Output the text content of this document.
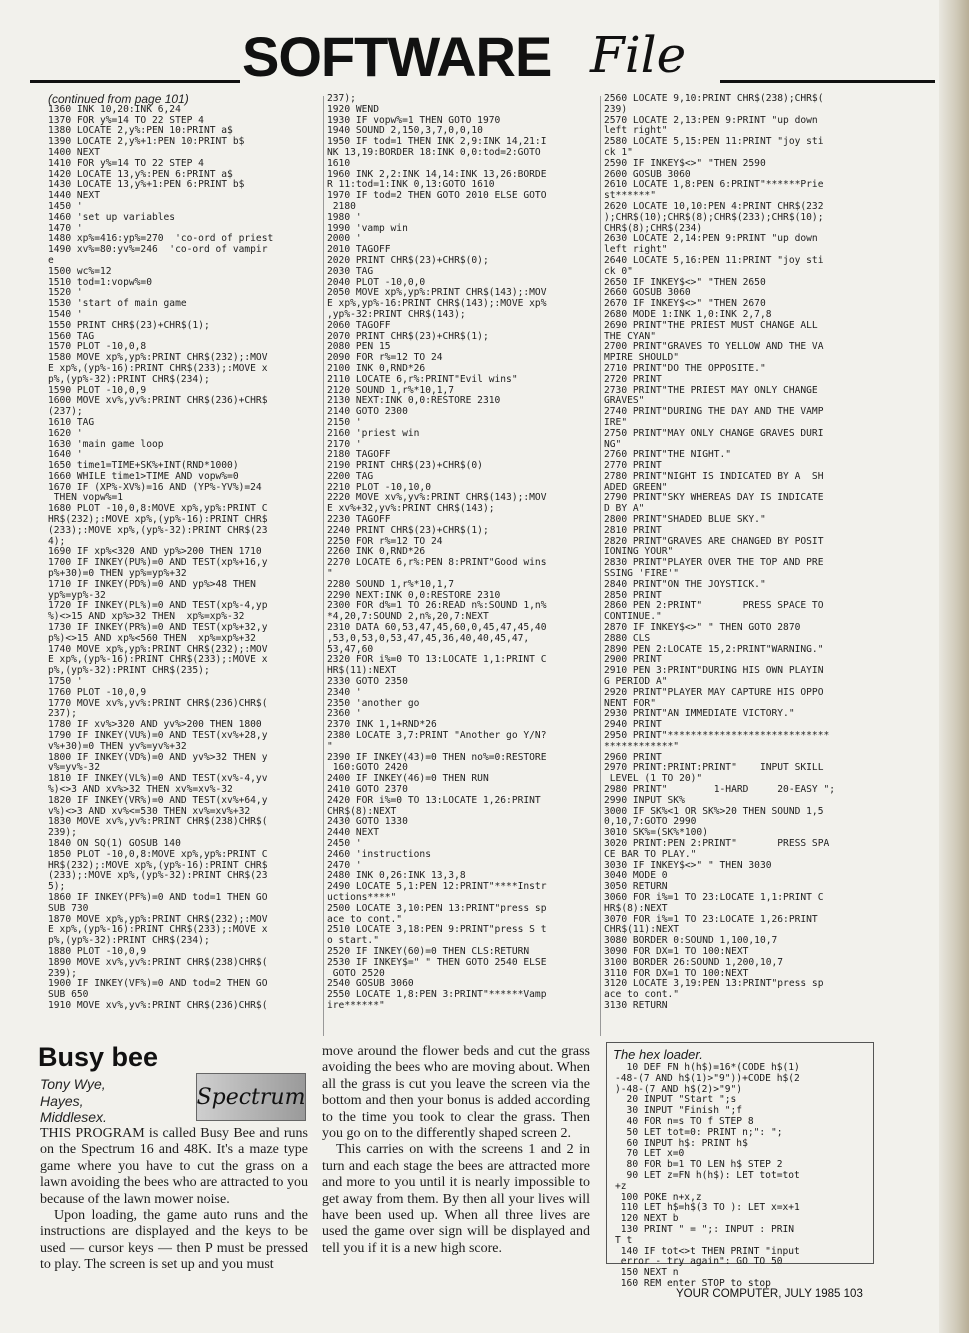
SOFTWARE File
(continued from page 101)
1360 INK 10,20:INK 6,24
1370 FOR y%=14 TO 22 STEP 4
1380 LOCATE 2,y%:PEN 10:PRINT a$
1390 LOCATE 2,y%+1:PEN 10:PRINT b$
1400 NEXT
1410 FOR y%=14 TO 22 STEP 4
1420 LOCATE 13,y%:PEN 6:PRINT a$
1430 LOCATE 13,y%+1:PEN 6:PRINT b$
1440 NEXT
1450 '
1460 'set up variables
1470 '
1480 xp%=416:yp%=270  'co-ord of priest
1490 xv%=80:yv%=246  'co-ord of vampir
e
1500 wc%=12
1510 tod=1:vopw%=0
1520 '
1530 'start of main game
1540 '
1550 PRINT CHR$(23)+CHR$(1);
1560 TAG
1570 PLOT -10,0,8
1580 MOVE xp%,yp%:PRINT CHR$(232);:MOV
E xp%,(yp%-16):PRINT CHR$(233);:MOVE x
p%,(yp%-32):PRINT CHR$(234);
1590 PLOT -10,0,9
1600 MOVE xv%,yv%:PRINT CHR$(236)+CHR$
(237);
1610 TAG
1620 '
1630 'main game loop
1640 '
1650 time1=TIME+SK%+INT(RND*1000)
1660 WHILE time1>TIME AND vopw%=0
1670 IF (XP%-XV%)=16 AND (YP%-YV%)=24
THEN vopw%=1
1680 PLOT -10,0,8:MOVE xp%,yp%:PRINT C
HR$(232);:MOVE xp%,(yp%-16):PRINT CHR$
(233);:MOVE xp%,(yp%-32):PRINT CHR$(23
4);
1690 IF xp%<320 AND yp%>200 THEN 1710
1700 IF INKEY(PU%)=0 AND TEST(xp%+16,y
p%+30)=0 THEN yp%=yp%+32
1710 IF INKEY(PD%)=0 AND yp%>48 THEN
yp%=yp%-32
1720 IF INKEY(PL%)=0 AND TEST(xp%-4,yp
%)<>15 AND xp%>32 THEN  xp%=xp%-32
1730 IF INKEY(PR%)=0 AND TEST(xp%+32,y
p%)<>15 AND xp%<560 THEN  xp%=xp%+32
1740 MOVE xp%,yp%:PRINT CHR$(232);:MOV
E xp%,(yp%-16):PRINT CHR$(233);:MOVE x
p%,(yp%-32):PRINT CHR$(235);
1750 '
1760 PLOT -10,0,9
1770 MOVE xv%,yv%:PRINT CHR$(236)CHR$(
237);
1780 IF xv%>320 AND yv%>200 THEN 1800
1790 IF INKEY(VU%)=0 AND TEST(xv%+28,y
v%+30)=0 THEN yv%=yv%+32
1800 IF INKEY(VD%)=0 AND yv%>32 THEN y
v%=yv%-32
1810 IF INKEY(VL%)=0 AND TEST(xv%-4,yv
%)<>3 AND xv%>32 THEN xv%=xv%-32
1820 IF INKEY(VR%)=0 AND TEST(xv%+64,y
v%)<>3 AND xv%<=530 THEN xv%=xv%+32
1830 MOVE xv%,yv%:PRINT CHR$(238)CHR$(
239);
1840 ON SQ(1) GOSUB 140
1850 PLOT -10,0,8:MOVE xp%,yp%:PRINT C
HR$(232);:MOVE xp%,(yp%-16):PRINT CHR$
(233);:MOVE xp%,(yp%-32):PRINT CHR$(23
5);
1860 IF INKEY(PF%)=0 AND tod=1 THEN GO
SUB 730
1870 MOVE xp%,yp%:PRINT CHR$(232);:MOV
E xp%,(yp%-16):PRINT CHR$(233);:MOVE x
p%,(yp%-32):PRINT CHR$(234);
1880 PLOT -10,0,9
1890 MOVE xv%,yv%:PRINT CHR$(238)CHR$(
239);
1900 IF INKEY(VF%)=0 AND tod=2 THEN GO
SUB 650
1910 MOVE xv%,yv%:PRINT CHR$(236)CHR$(
237);
1920 WEND
1930 IF vopw%=1 THEN GOTO 1970
1940 SOUND 2,150,3,7,0,0,10
1950 IF tod=1 THEN INK 2,9:INK 14,21:I
NK 13,19:BORDER 18:INK 0,0:tod=2:GOTO
1610
1960 INK 2,2:INK 14,14:INK 13,26:BORDE
R 11:tod=1:INK 0,13:GOTO 1610
1970 IF tod=2 THEN GOTO 2010 ELSE GOTO
2180
1980 '
1990 'vamp win
2000 '
2010 TAGOFF
2020 PRINT CHR$(23)+CHR$(0);
2030 TAG
2040 PLOT -10,0,0
2050 MOVE xp%,yp%:PRINT CHR$(143);:MOV
E xp%,yp%-16:PRINT CHR$(143);:MOVE xp%
,yp%-32:PRINT CHR$(143);
2060 TAGOFF
2070 PRINT CHR$(23)+CHR$(1);
2080 PEN 15
2090 FOR r%=12 TO 24
2100 INK 0,RND*26
2110 LOCATE 6,r%:PRINT"Evil wins"
2120 SOUND 1,r%*10,1,7
2130 NEXT:INK 0,0:RESTORE 2310
2140 GOTO 2300
2150 '
2160 'priest win
2170 '
2180 TAGOFF
2190 PRINT CHR$(23)+CHR$(0)
2200 TAG
2210 PLOT -10,10,0
2220 MOVE xv%,yv%:PRINT CHR$(143);:MOV
E xv%+32,yv%:PRINT CHR$(143);
2230 TAGOFF
2240 PRINT CHR$(23)+CHR$(1);
2250 FOR r%=12 TO 24
2260 INK 0,RND*26
2270 LOCATE 6,r%:PEN 8:PRINT"Good wins
"
2280 SOUND 1,r%*10,1,7
2290 NEXT:INK 0,0:RESTORE 2310
2300 FOR d%=1 TO 26:READ n%:SOUND 1,n%
*4,20,7:SOUND 2,n%,20,7:NEXT
2310 DATA 60,53,47,45,60,0,45,47,45,40
,53,0,53,0,53,47,45,36,40,40,45,47,
53,47,60
2320 FOR i%=0 TO 13:LOCATE 1,1:PRINT C
HR$(11):NEXT
2330 GOTO 2350
2340 '
2350 'another go
2360 '
2370 INK 1,1+RND*26
2380 LOCATE 3,7:PRINT "Another go Y/N?
"
2390 IF INKEY(43)=0 THEN no%=0:RESTORE
160:GOTO 2420
2400 IF INKEY(46)=0 THEN RUN
2410 GOTO 2370
2420 FOR i%=0 TO 13:LOCATE 1,26:PRINT
CHR$(8):NEXT
2430 GOTO 1330
2440 NEXT
2450 '
2460 'instructions
2470 '
2480 INK 0,26:INK 13,3,8
2490 LOCATE 5,1:PEN 12:PRINT"****Instr
uctions****"
2500 LOCATE 3,10:PEN 13:PRINT"press sp
ace to cont."
2510 LOCATE 3,18:PEN 9:PRINT"press S t
o start."
2520 IF INKEY(60)=0 THEN CLS:RETURN
2530 IF INKEY$=" " THEN GOTO 2540 ELSE
GOTO 2520
2540 GOSUB 3060
2550 LOCATE 1,8:PEN 3:PRINT"******Vamp
ire******"
2560 LOCATE 9,10:PRINT CHR$(238);CHR$(
239)
2570 LOCATE 2,13:PEN 9:PRINT "up down
left right"
2580 LOCATE 5,15:PEN 11:PRINT "joy sti
ck 1"
2590 IF INKEY$<>" "THEN 2590
2600 GOSUB 3060
2610 LOCATE 1,8:PEN 6:PRINT"******Prie
st******"
2620 LOCATE 10,10:PEN 4:PRINT CHR$(232
);CHR$(10);CHR$(8);CHR$(233);CHR$(10);
CHR$(8);CHR$(234)
2630 LOCATE 2,14:PEN 9:PRINT "up down
left right"
2640 LOCATE 5,16:PEN 11:PRINT "joy sti
ck 0"
2650 IF INKEY$<>" "THEN 2650
2660 GOSUB 3060
2670 IF INKEY$<>" "THEN 2670
2680 MODE 1:INK 1,0:INK 2,7,8
2690 PRINT"THE PRIEST MUST CHANGE ALL
THE CYAN"
2700 PRINT"GRAVES TO YELLOW AND THE VA
MPIRE SHOULD"
2710 PRINT"DO THE OPPOSITE."
2720 PRINT
2730 PRINT"THE PRIEST MAY ONLY CHANGE
GRAVES"
2740 PRINT"DURING THE DAY AND THE VAMP
IRE"
2750 PRINT"MAY ONLY CHANGE GRAVES DURI
NG"
2760 PRINT"THE NIGHT."
2770 PRINT
2780 PRINT"NIGHT IS INDICATED BY A  SH
ADED GREEN"
2790 PRINT"SKY WHEREAS DAY IS INDICATE
D BY A"
2800 PRINT"SHADED BLUE SKY."
2810 PRINT
2820 PRINT"GRAVES ARE CHANGED BY POSIT
IONING YOUR"
2830 PRINT"PLAYER OVER THE TOP AND PRE
SSING 'FIRE'"
2840 PRINT"ON THE JOYSTICK."
2850 PRINT
2860 PEN 2:PRINT"       PRESS SPACE TO
CONTINUE."
2870 IF INKEY$<>" " THEN GOTO 2870
2880 CLS
2890 PEN 2:LOCATE 15,2:PRINT"WARNING."
2900 PRINT
2910 PEN 3:PRINT"DURING HIS OWN PLAYIN
G PERIOD A"
2920 PRINT"PLAYER MAY CAPTURE HIS OPPO
NENT FOR"
2930 PRINT"AN IMMEDIATE VICTORY."
2940 PRINT
2950 PRINT"****************************
************"
2960 PRINT
2970 PRINT:PRINT:PRINT"    INPUT SKILL
LEVEL (1 TO 20)"
2980 PRINT"        1-HARD     20-EASY ";
2990 INPUT SK%
3000 IF SK%<1 OR SK%>20 THEN SOUND 1,5
0,10,7:GOTO 2990
3010 SK%=(SK%*100)
3020 PRINT:PEN 2:PRINT"       PRESS SPA
CE BAR TO PLAY."
3030 IF INKEY$<>" " THEN 3030
3040 MODE 0
3050 RETURN
3060 FOR i%=1 TO 23:LOCATE 1,1:PRINT C
HR$(8):NEXT
3070 FOR i%=1 TO 23:LOCATE 1,26:PRINT
CHR$(11):NEXT
3080 BORDER 0:SOUND 1,100,10,7
3090 FOR DX=1 TO 100:NEXT
3100 BORDER 26:SOUND 1,200,10,7
3110 FOR DX=1 TO 100:NEXT
3120 LOCATE 3,19:PEN 13:PRINT"press sp
ace to cont."
3130 RETURN
Busy bee
Tony Wye,
Hayes,
Middlesex.
Spectrum

THIS PROGRAM is called Busy Bee and runs on the Spectrum 16 and 48K. It's a maze type game where you have to cut the grass on a lawn avoiding the bees who are attracted to you because of the lawn mower noise.

Upon loading, the game auto runs and the instructions are displayed and the keys to be used — cursor keys — then P must be pressed to play. The screen is set up and you must

move around the flower beds and cut the grass avoiding the bees who are moving about. When all the grass is cut you leave the screen via the bottom and then your bonus is added according to the time you took to clear the grass. Then you go on to the differently shaped screen 2.

This carries on with the screens 1 and 2 in turn and each stage the bees are attracted more and more to you until it is nearly impossible to get away from them. By then all your lives will have been used up. When all three lives are used the game over sign will be displayed and tell you if it is a new high score.

The hex loader.
10 DEF FN h(h$)=16*(CODE h$(1)
-48-(7 AND h$(1)>"9"))+CODE h$(2
)-48-(7 AND h$(2)>"9")
20 INPUT "Start ";s
30 INPUT "Finish ";f
40 FOR n=s TO f STEP 8
50 LET tot=0: PRINT n;": ";
60 INPUT h$: PRINT h$
70 LET x=0
80 FOR b=1 TO LEN h$ STEP 2
90 LET z=FN h(h$): LET tot=tot
+z
100 POKE n+x,z
110 LET h$=h$(3 TO ): LET x=x+1
120 NEXT b
130 PRINT " = ";: INPUT : PRIN
T t
140 IF tot<>t THEN PRINT "input
error - try again": GO TO 50
150 NEXT n
160 REM enter STOP to stop
YOUR COMPUTER, JULY 1985 103
